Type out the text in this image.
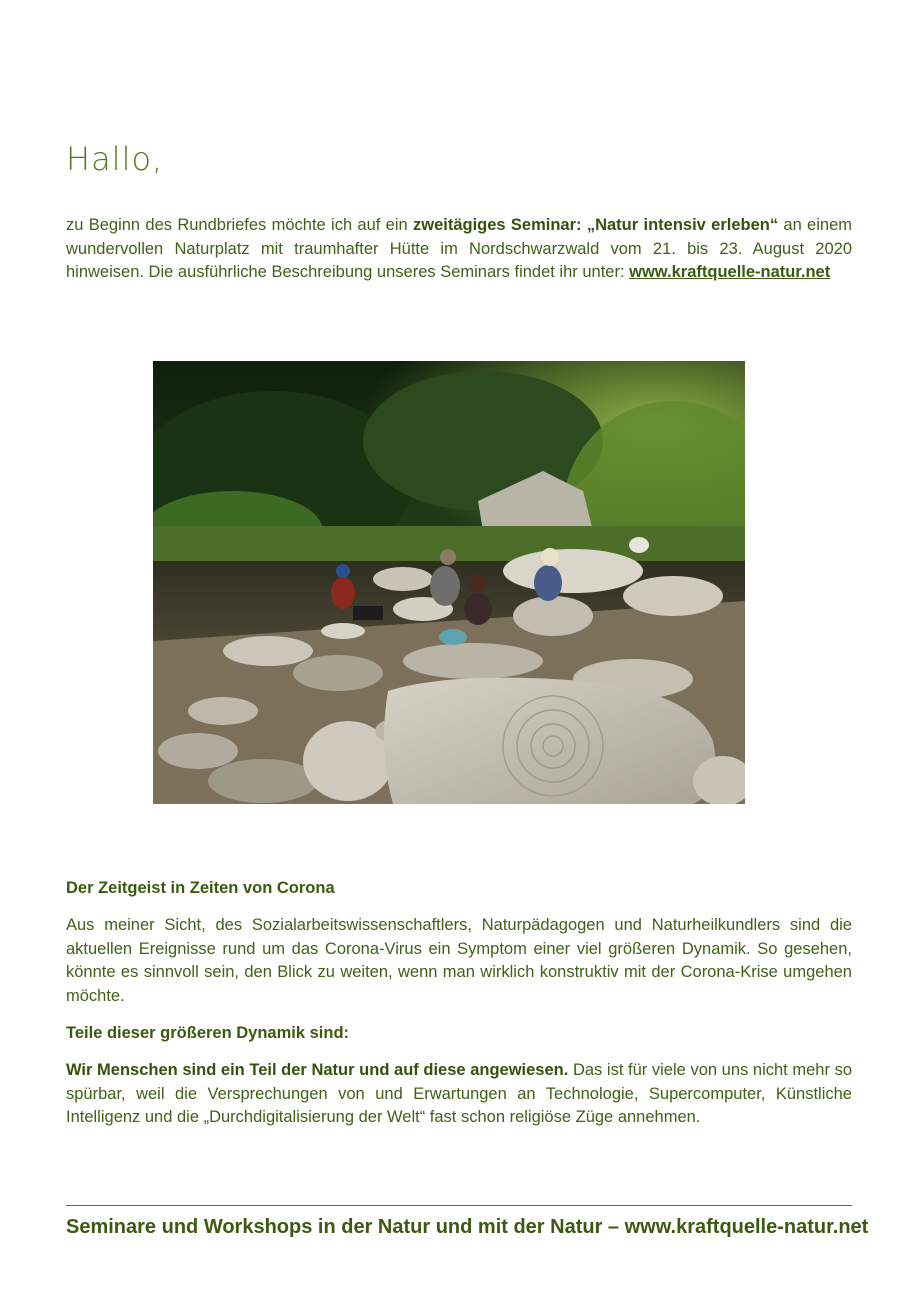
Hallo,

zu Beginn des Rundbriefes möchte ich auf ein zweitägiges Seminar: „Natur intensiv erleben“ an einem wundervollen Naturplatz mit traumhafter Hütte im Nordschwarzwald vom 21. bis 23. August 2020 hinweisen. Die ausführliche Beschreibung unseres Seminars findet ihr unter: www.kraftquelle-natur.net

Der Zeitgeist in Zeiten von Corona

Aus meiner Sicht, des Sozialarbeitswissenschaftlers, Naturpädagogen und Naturheilkundlers sind die aktuellen Ereignisse rund um das Corona-Virus ein Symptom einer viel größeren Dynamik. So gesehen, könnte es sinnvoll sein, den Blick zu weiten, wenn man wirklich konstruktiv mit der Corona-Krise umgehen möchte.

Teile dieser größeren Dynamik sind:

Wir Menschen sind ein Teil der Natur und auf diese angewiesen. Das ist für viele von uns nicht mehr so spürbar, weil die Versprechungen von und Erwartungen an Technologie, Supercomputer, Künstliche Intelligenz und die „Durchdigitalisierung der Welt“ fast schon religiöse Züge annehmen.

Seminare und Workshops in der Natur und mit der Natur – www.kraftquelle-natur.net
